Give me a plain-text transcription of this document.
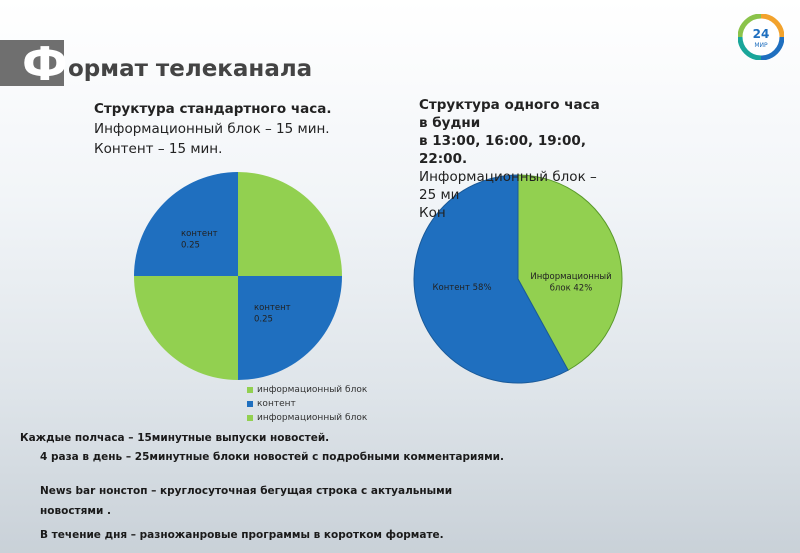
Ф ормат телеканала
24
МИР
Структура стандартного часа.
Информационный блок – 15 мин.
Контент – 15 мин.
контент
0.25
контент
0.25
Информационный
блок 42%
Контент 58%
Структура одного часа
в будни
в 13:00, 16:00, 19:00,
22:00.
Информационный блок –
25 ми
Кон
информационный блок
контент
информационный блок
Каждые полчаса – 15минутные выпуски новостей.
4 раза в день – 25минутные блоки новостей с подробными комментариями.
News bar нонстоп – круглосуточная бегущая строка с актуальными
новостями .
В течение дня – разножанровые программы в коротком формате.
